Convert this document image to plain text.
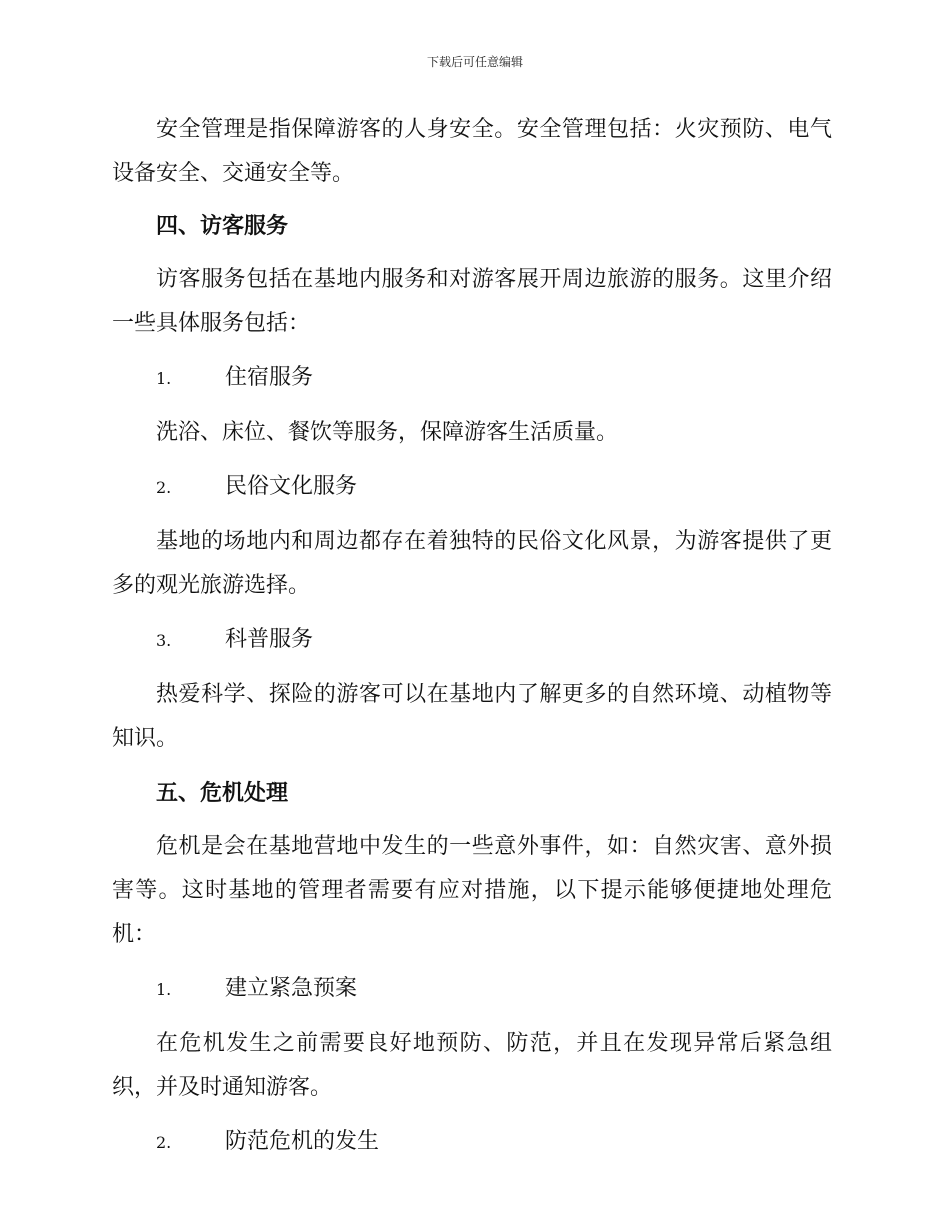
下载后可任意编辑

安全管理是指保障游客的人身安全。安全管理包括：火灾预防、电气设备安全、交通安全等。

四、访客服务

访客服务包括在基地内服务和对游客展开周边旅游的服务。这里介绍一些具体服务包括：

1.	住宿服务

洗浴、床位、餐饮等服务，保障游客生活质量。

2.	民俗文化服务

基地的场地内和周边都存在着独特的民俗文化风景，为游客提供了更多的观光旅游选择。

3.	科普服务

热爱科学、探险的游客可以在基地内了解更多的自然环境、动植物等知识。

五、危机处理

危机是会在基地营地中发生的一些意外事件，如：自然灾害、意外损害等。这时基地的管理者需要有应对措施，以下提示能够便捷地处理危机：

1.	建立紧急预案

在危机发生之前需要良好地预防、防范，并且在发现异常后紧急组织，并及时通知游客。

2.	防范危机的发生
